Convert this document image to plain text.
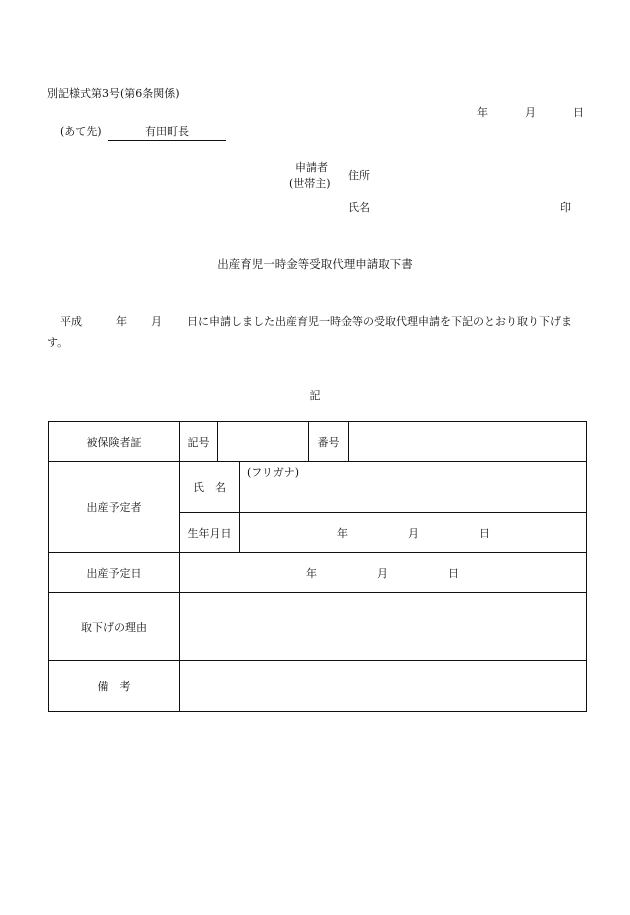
別記様式第3号(第6条関係)
年	月	日
(あて先)	有田町長
申請者
(世帯主)
住所
氏名	印
出産育児一時金等受取代理申請取下書
平成	年 月 日に申請しました出産育児一時金等の受取代理申請を下記のとおり取り下げます。
記
被保険者証	記号			番号	
出産予定者	氏　名		(フリガナ)		
	生年月日		年 月 日		

出産予定日	年 月 日				

取下げの理由					
備　考					
